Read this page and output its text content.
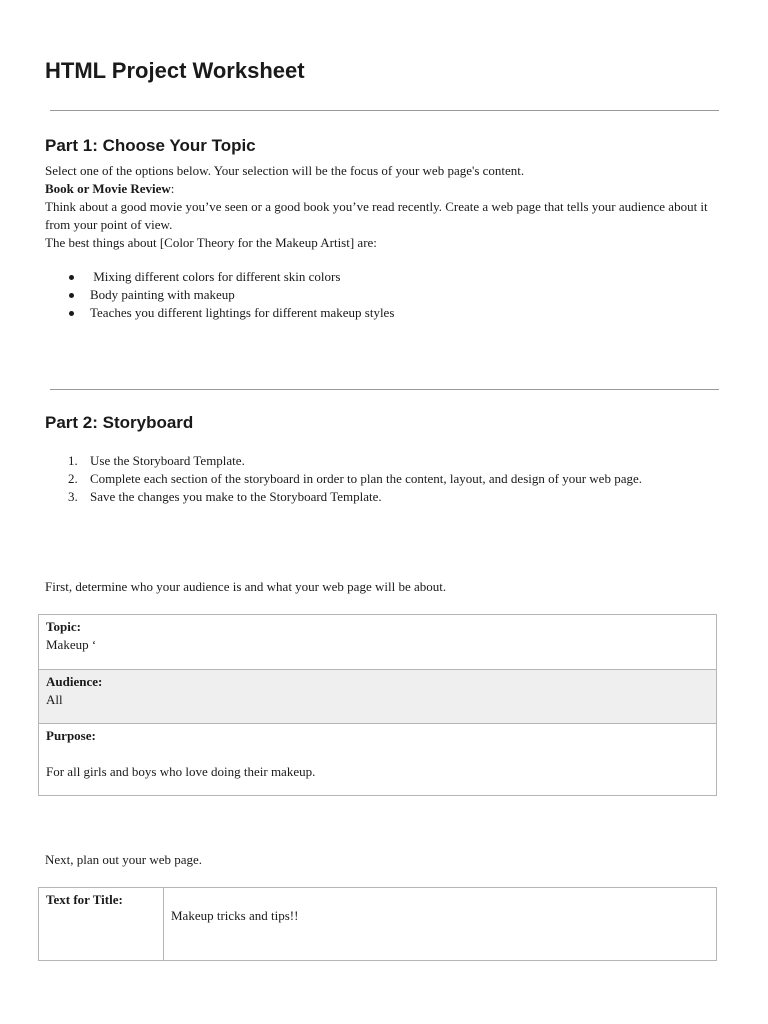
HTML Project Worksheet
Part 1: Choose Your Topic

Select one of the options below. Your selection will be the focus of your web page's content.

Book or Movie Review:

Think about a good movie you’ve seen or a good book you’ve read recently. Create a web page that tells your audience about it from your point of view.

The best things about [Color Theory for the Makeup Artist] are:

Mixing different colors for different skin colors
Body painting with makeup
Teaches you different lightings for different makeup styles
Part 2: Storyboard
1. Use the Storyboard Template.
2. Complete each section of the storyboard in order to plan the content, layout, and design of your web page.
3. Save the changes you make to the Storyboard Template.
First, determine who your audience is and what your web page will be about.
Topic:
Makeup ‘

Audience:
All

Purpose:
For all girls and boys who love doing their makeup.
Next, plan out your web page.
Text for Title:

Makeup tricks and tips!!
